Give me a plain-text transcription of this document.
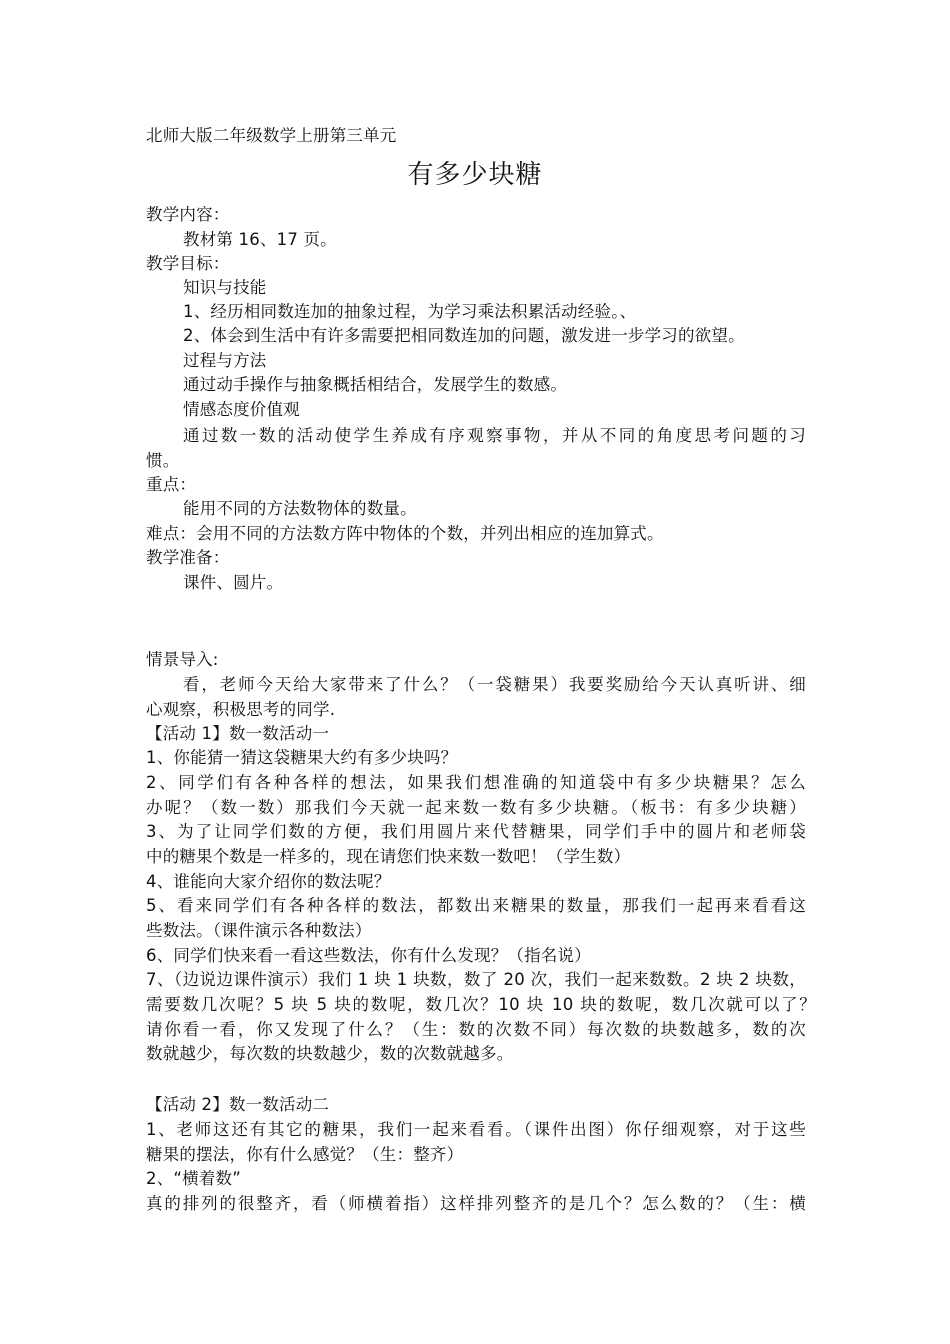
北师大版二年级数学上册第三单元
有多少块糖
教学内容：
教材第 16、17 页。
教学目标：
知识与技能
1、经历相同数连加的抽象过程，为学习乘法积累活动经验。、
2、体会到生活中有许多需要把相同数连加的问题，激发进一步学习的欲望。
过程与方法
通过动手操作与抽象概括相结合，发展学生的数感。
情感态度价值观
通过数一数的活动使学生养成有序观察事物，并从不同的角度思考问题的习
惯。
重点：
能用不同的方法数物体的数量。
难点：会用不同的方法数方阵中物体的个数，并列出相应的连加算式。
教学准备：
课件、圆片。
情景导入:
看，老师今天给大家带来了什么？（一袋糖果）我要奖励给今天认真听讲、细
心观察，积极思考的同学.
【活动 1】数一数活动一
1、你能猜一猜这袋糖果大约有多少块吗？
2、同学们有各种各样的想法，如果我们想准确的知道袋中有多少块糖果？怎么
办呢？（数一数）那我们今天就一起来数一数有多少块糖。（板书：有多少块糖）
3、为了让同学们数的方便，我们用圆片来代替糖果，同学们手中的圆片和老师袋
中的糖果个数是一样多的，现在请您们快来数一数吧！（学生数）
4、谁能向大家介绍你的数法呢？
5、看来同学们有各种各样的数法，都数出来糖果的数量，那我们一起再来看看这
些数法。（课件演示各种数法）
6、同学们快来看一看这些数法，你有什么发现？（指名说）
7、（边说边课件演示）我们 1 块 1 块数，数了 20 次，我们一起来数数。2 块 2 块数，
需要数几次呢？5 块 5 块的数呢，数几次？10 块 10 块的数呢，数几次就可以了？
请你看一看，你又发现了什么？（生：数的次数不同）每次数的块数越多，数的次
数就越少，每次数的块数越少，数的次数就越多。
【活动 2】数一数活动二
1、老师这还有其它的糖果，我们一起来看看。（课件出图）你仔细观察，对于这些
糖果的摆法，你有什么感觉？（生：整齐）
2、“横着数”
真的排列的很整齐，看（师横着指）这样排列整齐的是几个？怎么数的？（生：横
